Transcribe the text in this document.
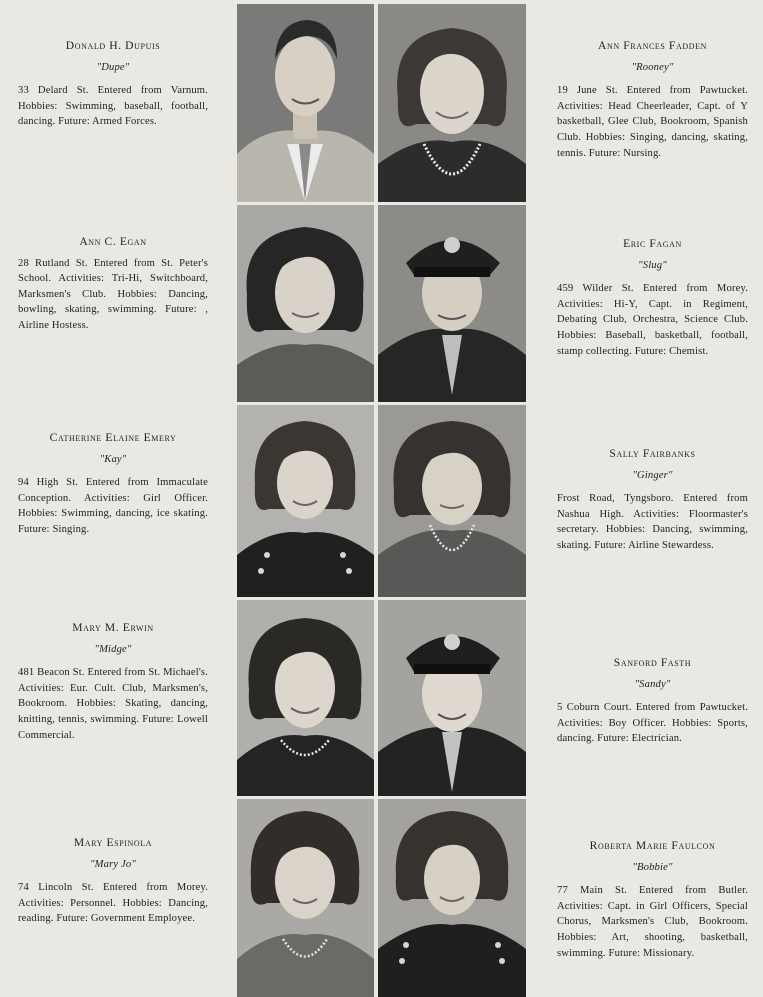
Donald H. Dupuis
"Dupe"
33 Delard St. Entered from Varnum. Hobbies: Swimming, baseball, football, dancing. Future: Armed Forces.
Ann Frances Fadden
"Rooney"
19 June St. Entered from Pawtucket. Activities: Head Cheerleader, Capt. of Y basketball, Glee Club, Bookroom, Spanish Club. Hobbies: Singing, dancing, skating, tennis. Future: Nursing.
Ann C. Egan
28 Rutland St. Entered from St. Peter's School. Activities: Tri-Hi, Switchboard, Marksmen's Club. Hobbies: Dancing, bowling, skating, swimming. Future: , Airline Hostess.
Eric Fagan
"Slug"
459 Wilder St. Entered from Morey. Activities: Hi-Y, Capt. in Regiment, Debating Club, Orchestra, Science Club. Hobbies: Baseball, basketball, football, stamp collecting. Future: Chemist.
Catherine Elaine Emery
"Kay"
94 High St. Entered from Immaculate Conception. Activities: Girl Officer. Hobbies: Swimming, dancing, ice skating. Future: Singing.
Sally Fairbanks
"Ginger"
Frost Road, Tyngsboro. Entered from Nashua High. Activities: Floormaster's secretary. Hobbies: Dancing, swimming, skating. Future: Airline Stewardess.
Mary M. Erwin
"Midge"
481 Beacon St. Entered from St. Michael's. Activities: Eur. Cult. Club, Marksmen's, Bookroom. Hobbies: Skating, dancing, knitting, tennis, swimming. Future: Lowell Commercial.
Sanford Fasth
"Sandy"
5 Coburn Court. Entered from Pawtucket. Activities: Boy Officer. Hobbies: Sports, dancing. Future: Electrician.
Mary Espinola
"Mary Jo"
74 Lincoln St. Entered from Morey. Activities: Personnel. Hobbies: Dancing, reading. Future: Government Employee.
Roberta Marie Faulcon
"Bobbie"
77 Main St. Entered from Butler. Activities: Capt. in Girl Officers, Special Chorus, Marksmen's Club, Bookroom. Hobbies: Art, shooting, basketball, swimming. Future: Missionary.
